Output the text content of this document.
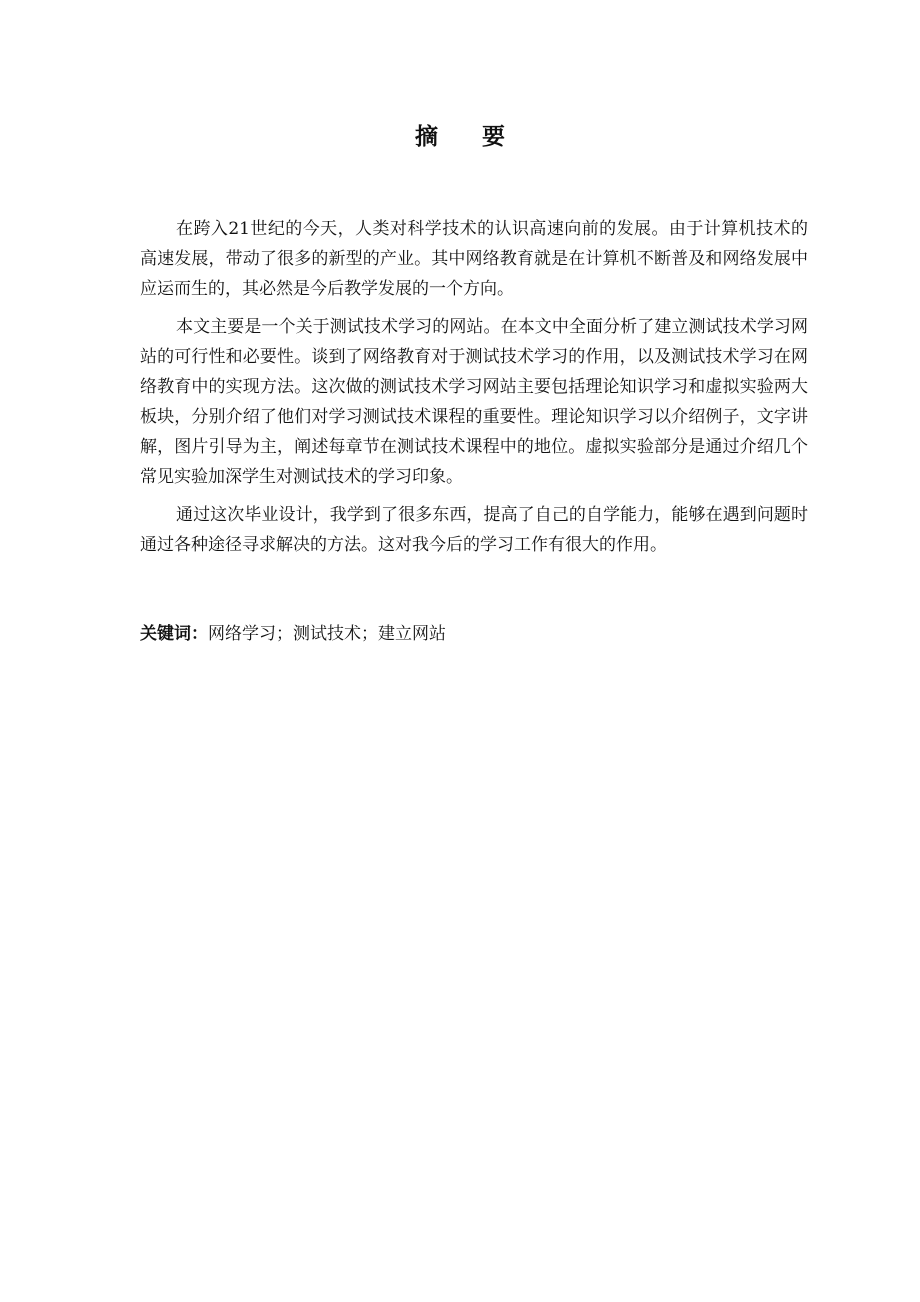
摘 要

在跨入21世纪的今天，人类对科学技术的认识高速向前的发展。由于计算机技术的高速发展，带动了很多的新型的产业。其中网络教育就是在计算机不断普及和网络发展中应运而生的，其必然是今后教学发展的一个方向。

本文主要是一个关于测试技术学习的网站。在本文中全面分析了建立测试技术学习网站的可行性和必要性。谈到了网络教育对于测试技术学习的作用，以及测试技术学习在网络教育中的实现方法。这次做的测试技术学习网站主要包括理论知识学习和虚拟实验两大板块，分别介绍了他们对学习测试技术课程的重要性。理论知识学习以介绍例子，文字讲解，图片引导为主，阐述每章节在测试技术课程中的地位。虚拟实验部分是通过介绍几个常见实验加深学生对测试技术的学习印象。

通过这次毕业设计，我学到了很多东西，提高了自己的自学能力，能够在遇到问题时通过各种途径寻求解决的方法。这对我今后的学习工作有很大的作用。

关键词：网络学习；测试技术；建立网站
